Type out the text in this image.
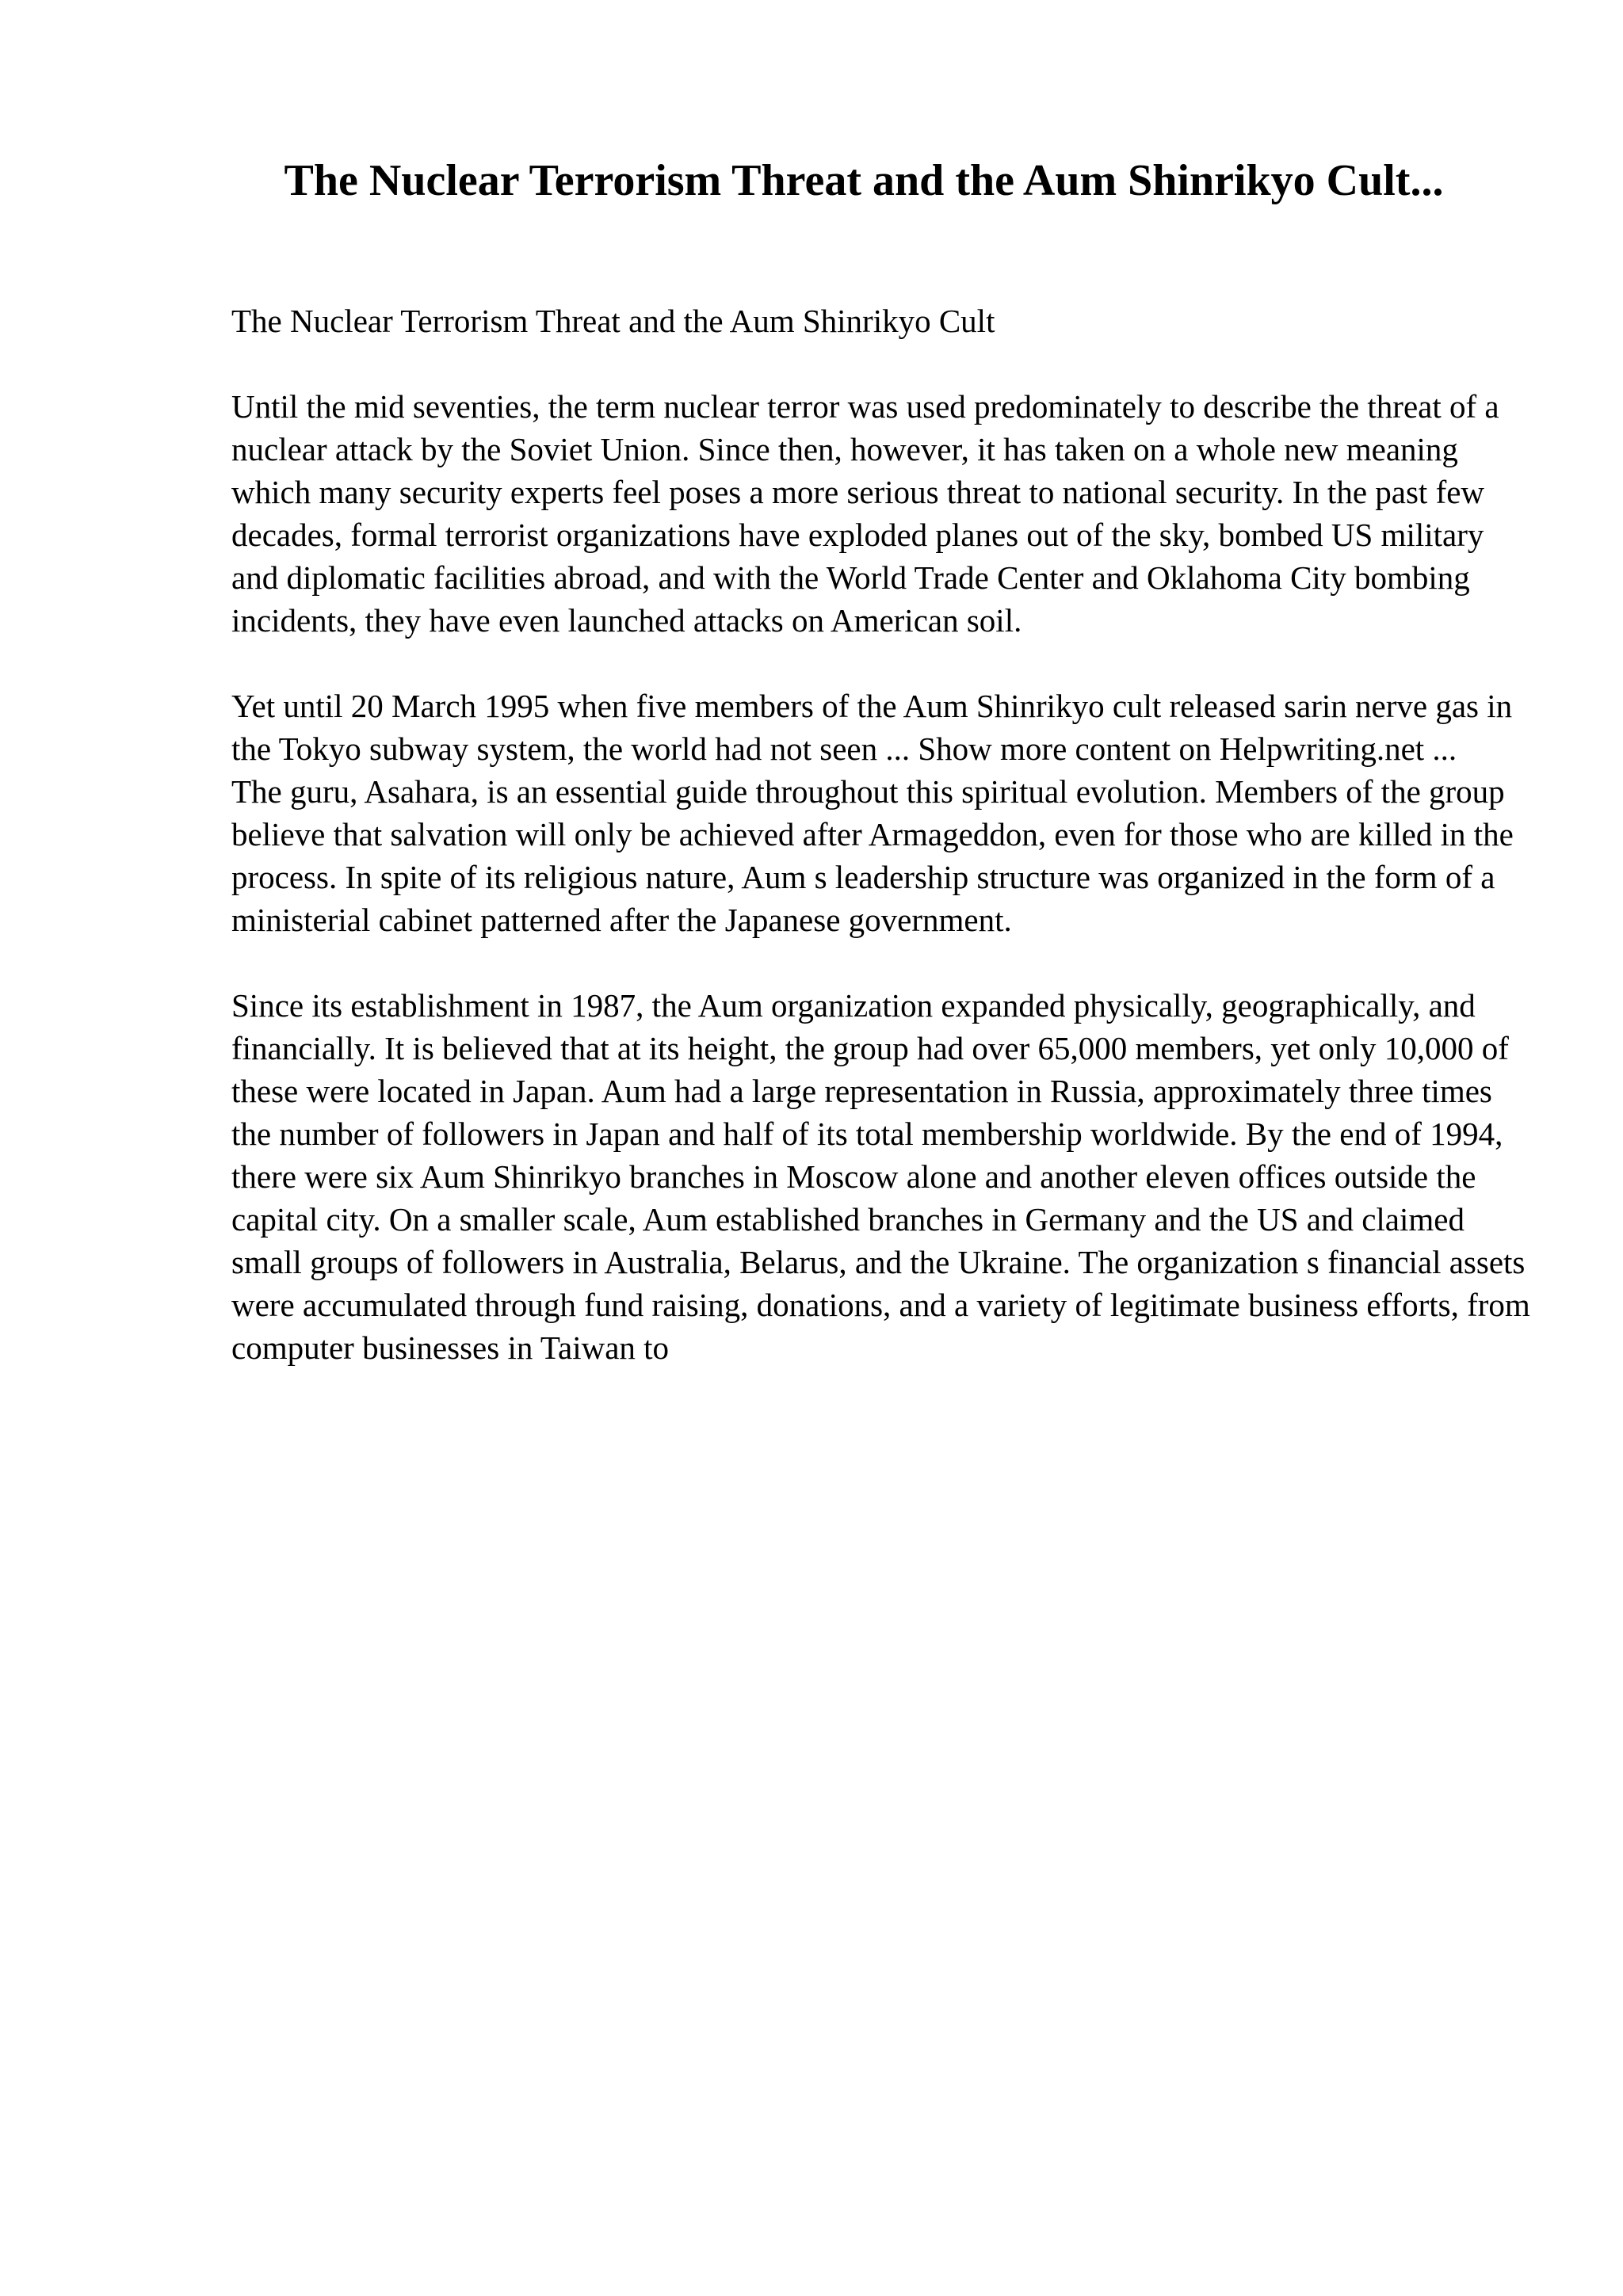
The Nuclear Terrorism Threat and the Aum Shinrikyo Cult...

The Nuclear Terrorism Threat and the Aum Shinrikyo Cult

Until the mid seventies, the term nuclear terror was used predominately to describe the threat of a nuclear attack by the Soviet Union. Since then, however, it has taken on a whole new meaning which many security experts feel poses a more serious threat to national security. In the past few decades, formal terrorist organizations have exploded planes out of the sky, bombed US military and diplomatic facilities abroad, and with the World Trade Center and Oklahoma City bombing incidents, they have even launched attacks on American soil.

Yet until 20 March 1995 when five members of the Aum Shinrikyo cult released sarin nerve gas in the Tokyo subway system, the world had not seen ... Show more content on Helpwriting.net ...

The guru, Asahara, is an essential guide throughout this spiritual evolution. Members of the group believe that salvation will only be achieved after Armageddon, even for those who are killed in the process. In spite of its religious nature, Aum s leadership structure was organized in the form of a ministerial cabinet patterned after the Japanese government.

Since its establishment in 1987, the Aum organization expanded physically, geographically, and financially. It is believed that at its height, the group had over 65,000 members, yet only 10,000 of these were located in Japan. Aum had a large representation in Russia, approximately three times the number of followers in Japan and half of its total membership worldwide. By the end of 1994, there were six Aum Shinrikyo branches in Moscow alone and another eleven offices outside the capital city. On a smaller scale, Aum established branches in Germany and the US and claimed small groups of followers in Australia, Belarus, and the Ukraine. The organization s financial assets were accumulated through fund raising, donations, and a variety of legitimate business efforts, from computer businesses in Taiwan to
